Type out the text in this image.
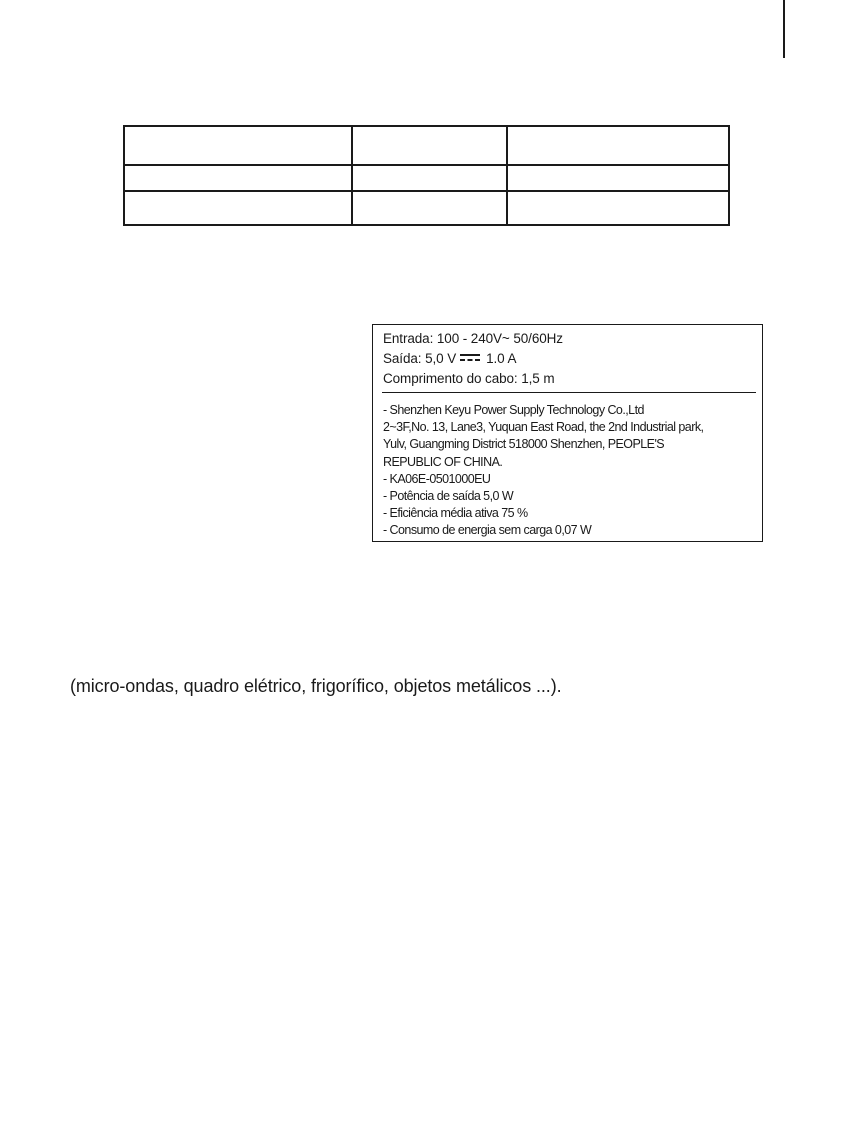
Entrada: 100 - 240V~ 50/60Hz
Saída: 5,0 V 1.0 A
Comprimento do cabo: 1,5 m
- Shenzhen Keyu Power Supply Technology Co.,Ltd
2~3F,No. 13, Lane3, Yuquan East Road, the 2nd Industrial park,
Yulv, Guangming District 518000 Shenzhen, PEOPLE'S
REPUBLIC OF CHINA.
- KA06E-0501000EU
- Potência de saída 5,0 W
- Eficiência média ativa 75 %
- Consumo de energia sem carga 0,07 W
(micro-ondas, quadro elétrico, frigorífico, objetos metálicos ...).
